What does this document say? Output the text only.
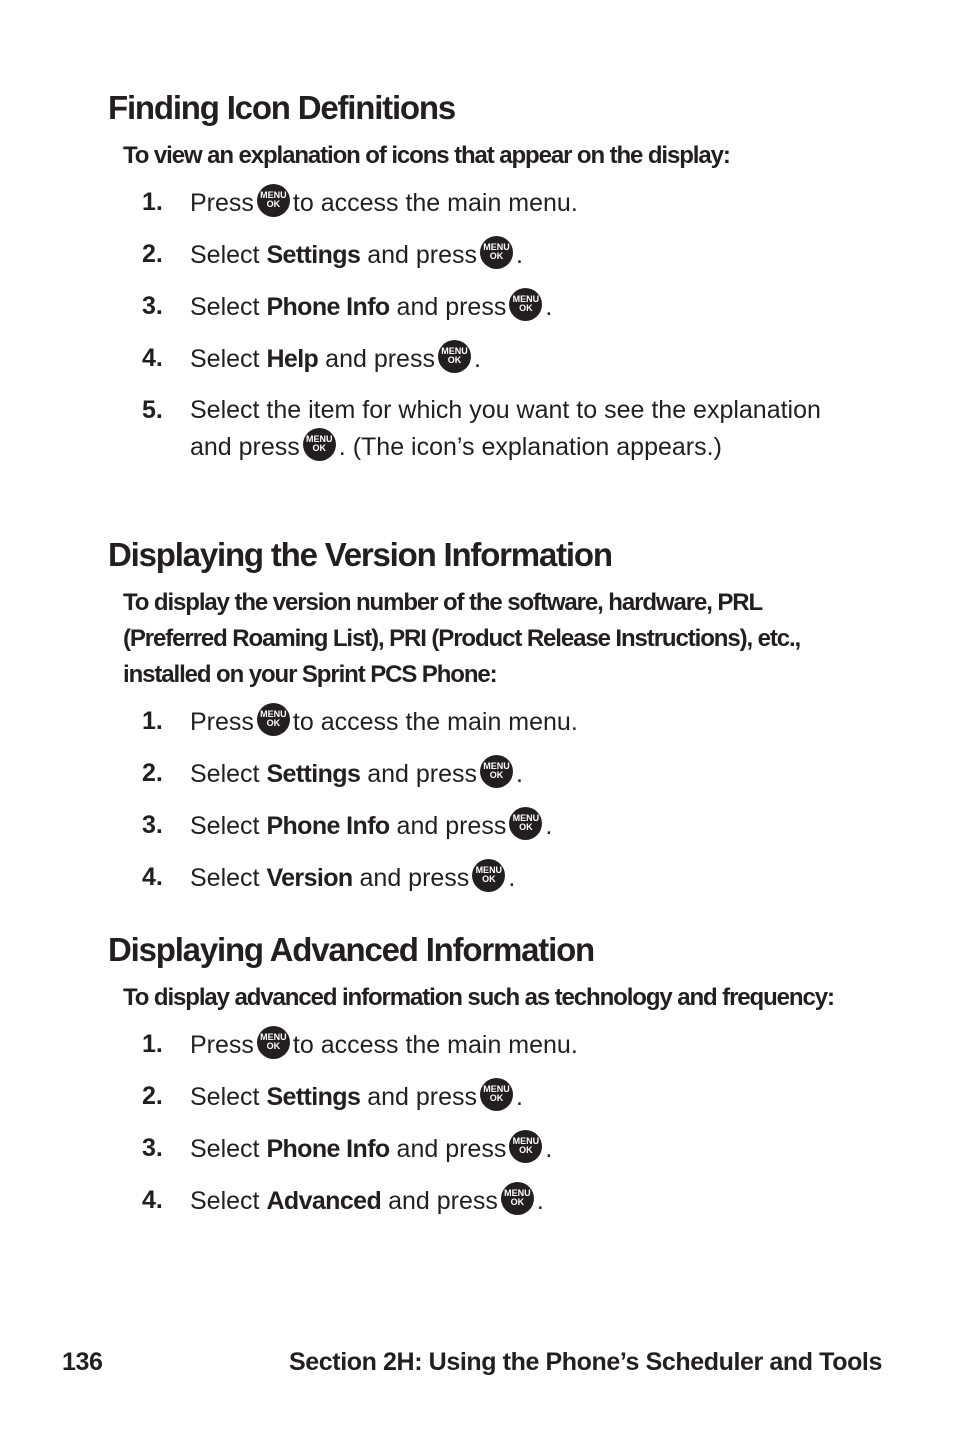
Finding Icon Definitions
To view an explanation of icons that appear on the display:
1. Press MENU
OK to access the main menu.
2. Select Settings and press MENU
OK .
3. Select Phone Info and press MENU
OK .
4. Select Help and press MENU
OK .
5. Select the item for which you want to see the explanation and press MENU
OK . (The icon’s explanation appears.)
Displaying the Version Information
To display the version number of the software, hardware, PRL (Preferred Roaming List), PRI (Product Release Instructions), etc., installed on your Sprint PCS Phone:
1. Press MENU
OK to access the main menu.
2. Select Settings and press MENU
OK .
3. Select Phone Info and press MENU
OK .
4. Select Version and press MENU
OK .
Displaying Advanced Information
To display advanced information such as technology and frequency:
1. Press MENU
OK to access the main menu.
2. Select Settings and press MENU
OK .
3. Select Phone Info and press MENU
OK .
4. Select Advanced and press MENU
OK .
136	Section 2H: Using the Phone’s Scheduler and Tools
